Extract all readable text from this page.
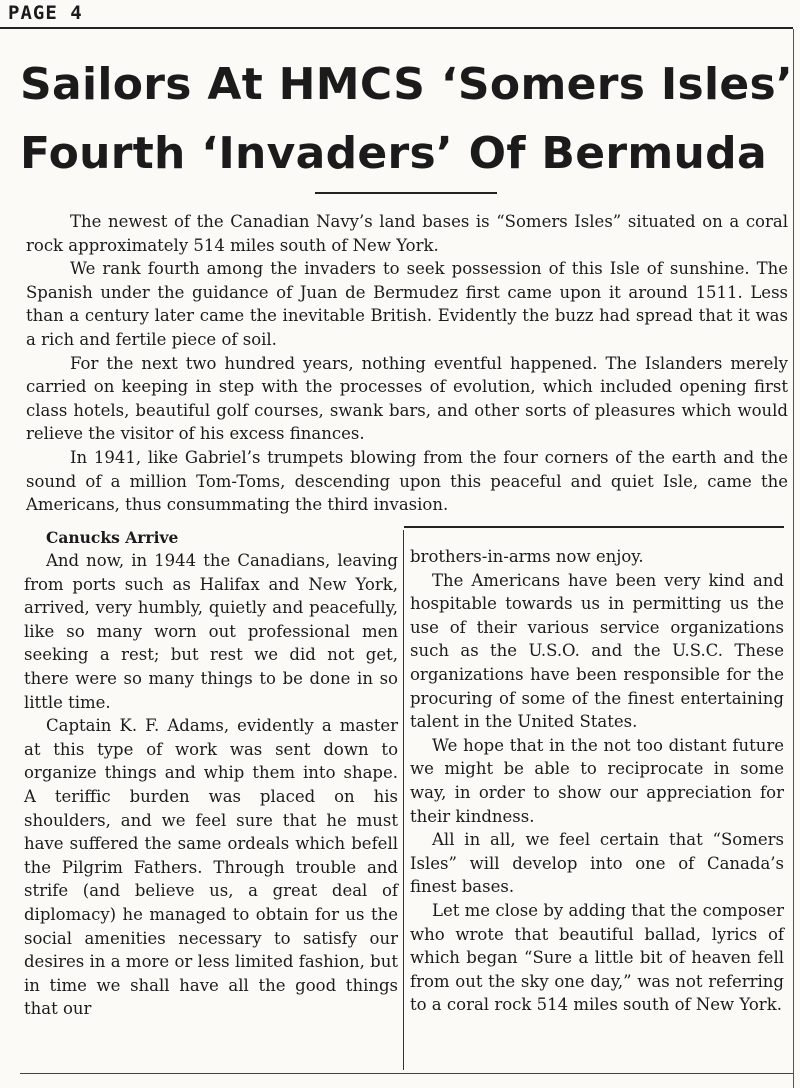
PAGE 4
Sailors At HMCS ‘Somers Isles’
Fourth ‘Invaders’ Of Bermuda

The newest of the Canadian Navy’s land bases is “Somers Isles” situated on a coral rock approximately 514 miles south of New York.

We rank fourth among the invaders to seek possession of this Isle of sunshine. The Spanish under the guidance of Juan de Bermudez first came upon it around 1511. Less than a century later came the inevitable British. Evidently the buzz had spread that it was a rich and fertile piece of soil.

For the next two hundred years, nothing eventful happened. The Islanders merely carried on keeping in step with the processes of evolution, which included opening first class hotels, beautiful golf courses, swank bars, and other sorts of pleasures which would relieve the visitor of his excess finances.

In 1941, like Gabriel’s trumpets blowing from the four corners of the earth and the sound of a million Tom-Toms, descending upon this peaceful and quiet Isle, came the Americans, thus consummating the third invasion.

Canucks Arrive

And now, in 1944 the Canadians, leaving from ports such as Halifax and New York, arrived, very humbly, quietly and peacefully, like so many worn out professional men seeking a rest; but rest we did not get, there were so many things to be done in so little time.

Captain K. F. Adams, evidently a master at this type of work was sent down to organize things and whip them into shape. A teriffic burden was placed on his shoulders, and we feel sure that he must have suffered the same ordeals which befell the Pilgrim Fathers. Through trouble and strife (and believe us, a great deal of diplomacy) he managed to obtain for us the social amenities necessary to satisfy our desires in a more or less limited fashion, but in time we shall have all the good things that our

brothers-in-arms now enjoy.

The Americans have been very kind and hospitable towards us in permitting us the use of their various service organizations such as the U.S.O. and the U.S.C. These organizations have been responsible for the procuring of some of the finest entertaining talent in the United States.

We hope that in the not too distant future we might be able to reciprocate in some way, in order to show our appreciation for their kindness.

All in all, we feel certain that “Somers Isles” will develop into one of Canada’s finest bases.

Let me close by adding that the composer who wrote that beautiful ballad, lyrics of which began “Sure a little bit of heaven fell from out the sky one day,” was not referring to a coral rock 514 miles south of New York.
